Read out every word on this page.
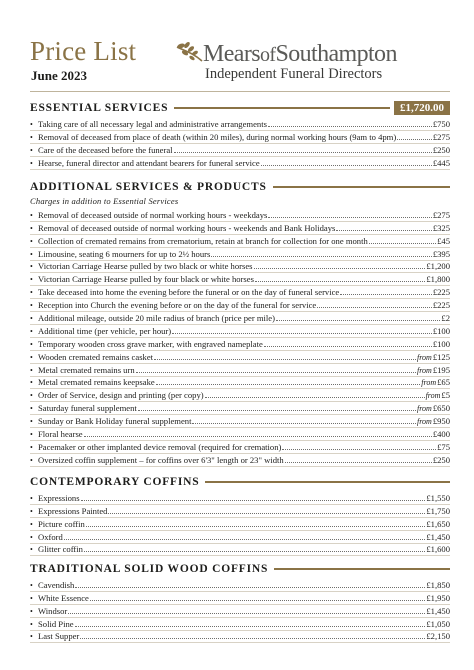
Price List
June 2023
MearsofSouthampton
Independent Funeral Directors
ESSENTIAL SERVICES	£1,720.00
• Taking care of all necessary legal and administrative arrangements	£750
• Removal of deceased from place of death (within 20 miles), during normal working hours (9am to 4pm)	£275
• Care of the deceased before the funeral	£250
• Hearse, funeral director and attendant bearers for funeral service	£445
ADDITIONAL SERVICES & PRODUCTS
Charges in addition to Essential Services
• Removal of deceased outside of normal working hours - weekdays	£275
• Removal of deceased outside of normal working hours - weekends and Bank Holidays	£325
• Collection of cremated remains from crematorium, retain at branch for collection for one month	£45
• Limousine, seating 6 mourners for up to 2½ hours	£395
• Victorian Carriage Hearse pulled by two black or white horses	£1,200
• Victorian Carriage Hearse pulled by four black or white horses	£1,800
• Take deceased into home the evening before the funeral or on the day of funeral service	£225
• Reception into Church the evening before or on the day of the funeral for service	£225
• Additional mileage, outside 20 mile radius of branch (price per mile)	£2
• Additional time (per vehicle, per hour)	£100
• Temporary wooden cross grave marker, with engraved nameplate	£100
• Wooden cremated remains casket	from £125
• Metal cremated remains urn	from £195
• Metal cremated remains keepsake	from £65
• Order of Service, design and printing (per copy)	from £5
• Saturday funeral supplement	from £650
• Sunday or Bank Holiday funeral supplement	from £950
• Floral hearse	£400
• Pacemaker or other implanted device removal (required for cremation)	£75
• Oversized coffin supplement – for coffins over 6'3" length or 23" width	£250
CONTEMPORARY COFFINS
• Expressions	£1,550
• Expressions Painted	£1,750
• Picture coffin	£1,650
• Oxford	£1,450
• Glitter coffin	£1,600
TRADITIONAL SOLID WOOD COFFINS
• Cavendish	£1,850
• White Essence	£1,950
• Windsor	£1,450
• Solid Pine	£1,050
• Last Supper	£2,150
